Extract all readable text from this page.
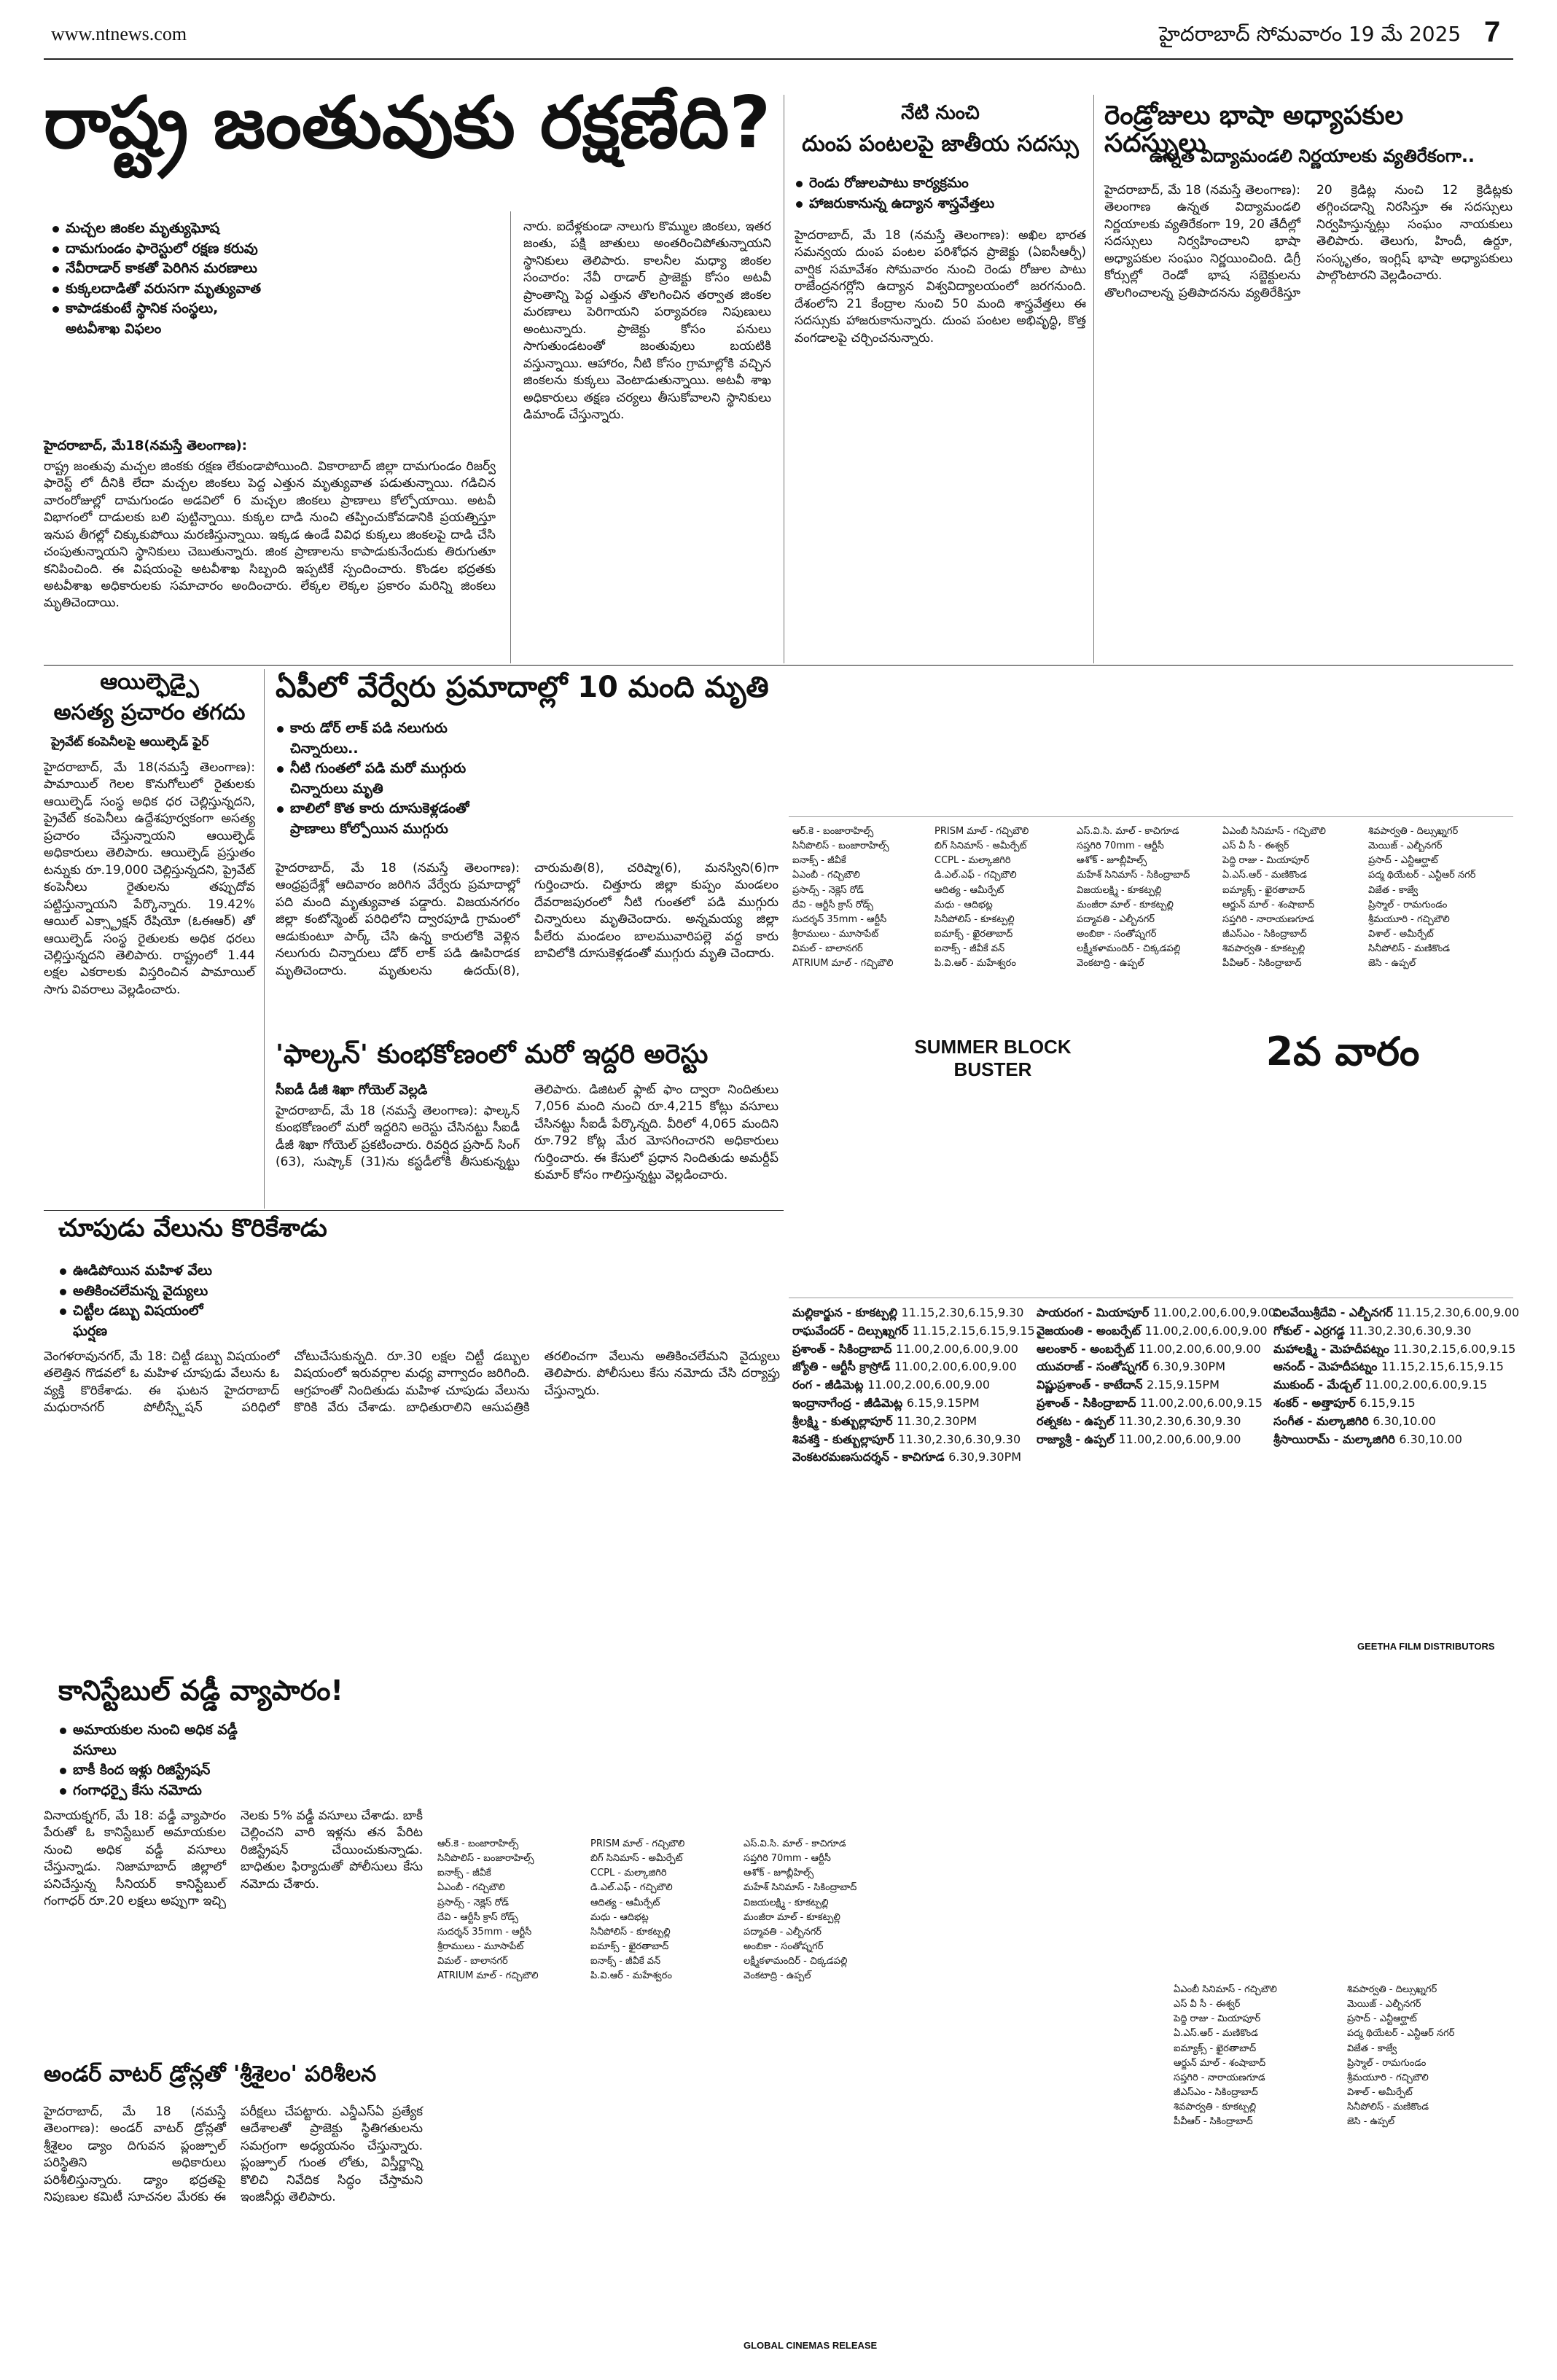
www.ntnews.com	హైదరాబాద్ సోమవారం 19 మే 2025 7
రాష్ట్ర జంతువుకు రక్షణేది?
మచ్చల జింకల మృత్యుఘోష
దామగుండం ఫారెస్టులో రక్షణ కరువు
నేవీరాడార్ కాకతో పెరిగిన మరణాలు
కుక్కలదాడితో వరుసగా మృత్యువాత
కాపాడకుంటే స్థానిక సంస్థలు, అటవీశాఖ విఫలం
హైదరాబాద్, మే18(నమస్తే తెలంగాణ):
రాష్ట్ర జంతువు మచ్చల జింకకు రక్షణ లేకుండాపోయింది. వికారాబాద్ జిల్లా దామగుండం రిజర్వ్ ఫారెస్ట్ లో దీనికి లేదా మచ్చల జింకలు పెద్ద ఎత్తున మృత్యువాత పడుతున్నాయి. గడిచిన వారంరోజుల్లో దామగుండం అడవిలో 6 మచ్చల జింకలు ప్రాణాలు కోల్పోయాయి. అటవీ విభాగంలో దాడులకు బలి పుట్టిన్నాయి. కుక్కల దాడి నుంచి తప్పించుకోవడానికి ప్రయత్నిస్తూ ఇనుప తీగల్లో చిక్కుకుపోయి మరణిస్తున్నాయి. ఇక్కడ ఉండే వివిధ కుక్కలు జింకలపై దాడి చేసి చంపుతున్నాయని స్థానికులు చెబుతున్నారు. జింక ప్రాణాలను కాపాడుకునేందుకు తిరుగుతూ కనిపించింది. ఈ విషయంపై అటవీశాఖ సిబ్బంది ఇప్పటికే స్పందించారు. కొండల భద్రతకు అటవీశాఖ అధికారులకు సమాచారం అందించారు. లేక్కల లెక్కల ప్రకారం మరిన్ని జింకలు మృతిచెందాయి.
నారు. ఐదేళ్లకుండా నాలుగు కొమ్ముల జింకలు, ఇతర జంతు, పక్షి జాతులు అంతరించిపోతున్నాయని స్థానికులు తెలిపారు. కాలనీల మధ్యా జింకల సంచారం: నేవీ రాడార్ ప్రాజెక్టు కోసం అటవీ ప్రాంతాన్ని పెద్ద ఎత్తున తొలగించిన తర్వాత జింకల మరణాలు పెరిగాయని పర్యావరణ నిపుణులు అంటున్నారు. ప్రాజెక్టు కోసం పనులు సాగుతుండటంతో జంతువులు బయటికి వస్తున్నాయి. ఆహారం, నీటి కోసం గ్రామాల్లోకి వచ్చిన జింకలను కుక్కలు వెంటాడుతున్నాయి. అటవీ శాఖ అధికారులు తక్షణ చర్యలు తీసుకోవాలని స్థానికులు డిమాండ్ చేస్తున్నారు.
నేటి నుంచి
దుంప పంటలపై జాతీయ సదస్సు
రెండు రోజులపాటు కార్యక్రమం
హాజరుకానున్న ఉద్యాన శాస్త్రవేత్తలు
హైదరాబాద్, మే 18 (నమస్తే తెలంగాణ): అఖిల భారత సమన్వయ దుంప పంటల పరిశోధన ప్రాజెక్టు (ఏఐసీఆర్పీ) వార్షిక సమావేశం సోమవారం నుంచి రెండు రోజుల పాటు రాజేంద్రనగర్లోని ఉద్యాన విశ్వవిద్యాలయంలో జరగనుంది. దేశంలోని 21 కేంద్రాల నుంచి 50 మంది శాస్త్రవేత్తలు ఈ సదస్సుకు హాజరుకానున్నారు. దుంప పంటల అభివృద్ధి, కొత్త వంగడాలపై చర్చించనున్నారు.
రెండ్రోజులు భాషా అధ్యాపకుల సదస్సులు
ఉన్నత విద్యామండలి నిర్ణయాలకు వ్యతిరేకంగా..
హైదరాబాద్, మే 18 (నమస్తే తెలంగాణ): తెలంగాణ ఉన్నత విద్యామండలి నిర్ణయాలకు వ్యతిరేకంగా 19, 20 తేదీల్లో సదస్సులు నిర్వహించాలని భాషా అధ్యాపకుల సంఘం నిర్ణయించింది. డిగ్రీ కోర్సుల్లో రెండో భాష సబ్జెక్టులను తొలగించాలన్న ప్రతిపాదనను వ్యతిరేకిస్తూ 20 క్రెడిట్ల నుంచి 12 క్రెడిట్లకు తగ్గించడాన్ని నిరసిస్తూ ఈ సదస్సులు నిర్వహిస్తున్నట్లు సంఘం నాయకులు తెలిపారు. తెలుగు, హిందీ, ఉర్దూ, సంస్కృతం, ఇంగ్లిష్ భాషా అధ్యాపకులు పాల్గొంటారని వెల్లడించారు.
ఆయిల్ఫెడ్పై
అసత్య ప్రచారం తగదు
ప్రైవేట్ కంపెనీలపై ఆయిల్ఫెడ్ ఫైర్
హైదరాబాద్, మే 18(నమస్తే తెలంగాణ): పామాయిల్ గెలల కొనుగోలులో రైతులకు ఆయిల్ఫెడ్ సంస్థ అధిక ధర చెల్లిస్తున్నదని, ప్రైవేట్ కంపెనీలు ఉద్దేశపూర్వకంగా అసత్య ప్రచారం చేస్తున్నాయని ఆయిల్ఫెడ్ అధికారులు తెలిపారు. ఆయిల్ఫెడ్ ప్రస్తుతం టన్నుకు రూ.19,000 చెల్లిస్తున్నదని, ప్రైవేట్ కంపెనీలు రైతులను తప్పుదోవ పట్టిస్తున్నాయని పేర్కొన్నారు. 19.42% ఆయిల్ ఎక్స్ట్రాక్షన్ రేషియో (ఓఈఆర్) తో ఆయిల్ఫెడ్ సంస్థ రైతులకు అధిక ధరలు చెల్లిస్తున్నదని తెలిపారు. రాష్ట్రంలో 1.44 లక్షల ఎకరాలకు విస్తరించిన పామాయిల్ సాగు వివరాలు వెల్లడించారు.
ఏపీలో వేర్వేరు ప్రమాదాల్లో 10 మంది మృతి
కారు డోర్ లాక్ పడి నలుగురు చిన్నారులు..
నీటి గుంతలో పడి మరో ముగ్గురు చిన్నారులు మృతి
బాలిలో కొత కారు దూసుకెళ్లడంతో ప్రాణాలు కోల్పోయిన ముగ్గురు
హైదరాబాద్, మే 18 (నమస్తే తెలంగాణ): ఆంధ్రప్రదేశ్లో ఆదివారం జరిగిన వేర్వేరు ప్రమాదాల్లో పది మంది మృత్యువాత పడ్డారు. విజయనగరం జిల్లా కంటోన్మెంట్ పరిధిలోని ద్వారపూడి గ్రామంలో ఆడుకుంటూ పార్క్ చేసి ఉన్న కారులోకి వెళ్లిన నలుగురు చిన్నారులు డోర్ లాక్ పడి ఊపిరాడక మృతిచెందారు. మృతులను ఉదయ్(8), చారుమతి(8), చరిష్మా(6), మనస్విని(6)గా గుర్తించారు. చిత్తూరు జిల్లా కుప్పం మండలం దేవరాజపురంలో నీటి గుంతలో పడి ముగ్గురు చిన్నారులు మృతిచెందారు. అన్నమయ్య జిల్లా పీలేరు మండలం బాలమువారిపల్లె వద్ద కారు బావిలోకి దూసుకెళ్లడంతో ముగ్గురు మృతి చెందారు.
'ఫాల్కన్' కుంభకోణంలో మరో ఇద్దరి అరెస్టు
సీఐడీ డీజీ శిఖా గోయెల్ వెల్లడి
హైదరాబాద్, మే 18 (నమస్తే తెలంగాణ): ఫాల్కన్ కుంభకోణంలో మరో ఇద్దరిని అరెస్టు చేసినట్టు సీఐడీ డీజీ శిఖా గోయెల్ ప్రకటించారు. రివర్షిద ప్రసాద్ సింగ్ (63), సుష్కాక్ (31)ను కస్టడీలోకి తీసుకున్నట్టు తెలిపారు. డిజిటల్ ఫ్లాట్ ఫాం ద్వారా నిందితులు 7,056 మంది నుంచి రూ.4,215 కోట్లు వసూలు చేసినట్టు సీఐడీ పేర్కొన్నది. వీరిలో 4,065 మందిని రూ.792 కోట్ల మేర మోసగించారని అధికారులు గుర్తించారు. ఈ కేసులో ప్రధాన నిందితుడు అమర్దీప్ కుమార్ కోసం గాలిస్తున్నట్టు వెల్లడించారు.
ఆర్.కె - బంజారాహిల్స్
సినీపొలిస్ - బంజారాహిల్స్
ఐనాక్స్ - జీవీకే
ఏఎంబీ - గచ్చిబౌలి
ప్రసాద్స్ - నెక్లెస్ రోడ్
దేవి - ఆర్టీసీ క్రాస్ రోడ్స్
సుదర్శన్ 35mm - ఆర్టీసీ
శ్రీరాములు - మూసాపేట్
విమల్ - బాలానగర్
ATRIUM మాల్ - గచ్చిబౌలి
PRISM మాల్ - గచ్చిబౌలి
బిగ్ సినిమాస్ - అమీర్పేట్
CCPL - మల్కాజిగిరి
డి.ఎల్.ఎఫ్ - గచ్చిబౌలి
ఆదిత్య - ఆమీర్పేట్
మధు - ఆదిభట్ల
సినీపోలిస్ - కూకట్పల్లి
ఐమాక్స్ - ఖైరతాబాద్
ఐనాక్స్ - జీవీకే వన్
పి.వి.ఆర్ - మహేశ్వరం
ఎస్.వి.సి. మాల్ - కాచిగూడ
సప్తగిరి 70mm - ఆర్టీసీ
ఆశోక్ - జూబ్లీహిల్స్
మహేశ్ సినిమాస్ - సికింద్రాబాద్
విజయలక్ష్మి - కూకట్పల్లి
మంజీరా మాల్ - కూకట్పల్లి
పద్మావతి - ఎల్బీనగర్
అంబికా - సంతోష్నగర్
లక్ష్మీకళామందిర్ - చిక్కడపల్లి
వెంకటాద్రి - ఉప్పల్
ఏఎంబీ సినిమాస్ - గచ్చిబౌలి
ఎస్ వీ సీ - ఈశ్వర్
పెద్ది రాజు - మియాపూర్
ఏ.ఎస్.ఆర్ - మణికొండ
ఐమ్యాక్స్ - ఖైరతాబాద్
ఆర్జున్ మాల్ - శంషాబాద్
సప్తగిరి - నారాయణగూడ
జీఎస్ఎం - సికింద్రాబాద్
శివపార్వతి - కూకట్పల్లి
పీవీఆర్ - సికింద్రాబాద్
శివపార్వతి - దిల్సుఖ్నగర్
మెయిజ్ - ఎల్బీనగర్
ప్రసాద్ - ఎన్టీఆర్ఘాట్
పద్మ థియేటర్ - ఎన్టీఆర్ నగర్
విజేత - కాజ్వే
ప్రిస్మాల్ - రామగుండం
శ్రీమయూరి - గచ్చిబౌలి
విశాల్ - అమీర్పేట్
సినీపోలిస్ - మణికొండ
జెసి - ఉప్పల్
SUMMER BLOCK
BUSTER	2వ వారం
చూపుడు వేలును కొరికేశాడు
ఊడిపోయిన మహిళ వేలు
అతికించలేమన్న వైద్యులు
చిట్టీల డబ్బు విషయంలో ఘర్షణ
వెంగళరావునగర్, మే 18: చిట్టీ డబ్బు విషయంలో తలెత్తిన గొడవలో ఓ మహిళ చూపుడు వేలును ఓ వ్యక్తి కొరికేశాడు. ఈ ఘటన హైదరాబాద్ మధురానగర్ పోలీస్స్టేషన్ పరిధిలో చోటుచేసుకున్నది. రూ.30 లక్షల చిట్టీ డబ్బుల విషయంలో ఇరువర్గాల మధ్య వాగ్వాదం జరిగింది. ఆగ్రహంతో నిందితుడు మహిళ చూపుడు వేలును కొరికి వేరు చేశాడు. బాధితురాలిని ఆసుపత్రికి తరలించగా వేలును అతికించలేమని వైద్యులు తెలిపారు. పోలీసులు కేసు నమోదు చేసి దర్యాప్తు చేస్తున్నారు.
కానిస్టేబుల్ వడ్డీ వ్యాపారం!
అమాయకుల నుంచి అధిక వడ్డీ వసూలు
బాకీ కింద ఇళ్లు రిజిస్ట్రేషన్
గంగాధర్పై కేసు నమోదు
వినాయక్నగర్, మే 18: వడ్డీ వ్యాపారం పేరుతో ఓ కానిస్టేబుల్ అమాయకుల నుంచి అధిక వడ్డీ వసూలు చేస్తున్నాడు. నిజామాబాద్ జిల్లాలో పనిచేస్తున్న సీనియర్ కానిస్టేబుల్ గంగాధర్ రూ.20 లక్షలు అప్పుగా ఇచ్చి నెలకు 5% వడ్డీ వసూలు చేశాడు. బాకీ చెల్లించని వారి ఇళ్లను తన పేరిట రిజిస్ట్రేషన్ చేయించుకున్నాడు. బాధితుల ఫిర్యాదుతో పోలీసులు కేసు నమోదు చేశారు.
అండర్ వాటర్ డ్రోన్లతో 'శ్రీశైలం' పరిశీలన
హైదరాబాద్, మే 18 (నమస్తే తెలంగాణ): అండర్ వాటర్ డ్రోన్లతో శ్రీశైలం డ్యాం దిగువన ప్లంజ్పూల్ పరిస్థితిని అధికారులు పరిశీలిస్తున్నారు. డ్యాం భద్రతపై నిపుణుల కమిటీ సూచనల మేరకు ఈ పరీక్షలు చేపట్టారు. ఎన్డీఎస్ఏ ప్రత్యేక ఆదేశాలతో ప్రాజెక్టు స్థితిగతులను సమగ్రంగా అధ్యయనం చేస్తున్నారు. ప్లంజ్పూల్ గుంత లోతు, విస్తీర్ణాన్ని కొలిచి నివేదిక సిద్ధం చేస్తామని ఇంజినీర్లు తెలిపారు.
మల్లికార్జున - కూకట్పల్లి 11.15,2.30,6.15,9.30
రాఘవేందర్ - దిల్సుఖ్నగర్ 11.15,2.15,6.15,9.15
ప్రశాంత్ - సికింద్రాబాద్ 11.00,2.00,6.00,9.00
జ్యోతి - ఆర్టీసీ క్రాస్రోడ్ 11.00,2.00,6.00,9.00
రంగ - జీడిమెట్ల 11.00,2.00,6.00,9.00
ఇంద్రానాగేంద్ర - జీడిమెట్ల 6.15,9.15PM
శ్రీలక్ష్మి - కుత్బుల్లాపూర్ 11.30,2.30PM
శివశక్తి - కుత్బుల్లాపూర్ 11.30,2.30,6.30,9.30
వెంకటరమణసుదర్శన్ - కాచిగూడ 6.30,9.30PM
పాయరంగ - మియాపూర్ 11.00,2.00,6.00,9.00
వైజయంతి - అంబర్పేట్ 11.00,2.00,6.00,9.00
ఆలంకార్ - అంబర్పేట్ 11.00,2.00,6.00,9.00
యువరాజ్ - సంతోష్నగర్ 6.30,9.30PM
విష్ణుప్రశాంత్ - కాటేదాన్ 2.15,9.15PM
ప్రశాంత్ - సికింద్రాబాద్ 11.00,2.00,6.00,9.15
రత్నకట - ఉప్పల్ 11.30,2.30,6.30,9.30
రాజ్యాశ్రీ - ఉప్పల్ 11.00,2.00,6.00,9.00
విలవేయిశ్రీదేవి - ఎల్బీనగర్ 11.15,2.30,6.00,9.00
గోకుల్ - ఎర్రగడ్డ 11.30,2.30,6.30,9.30
మహాలక్ష్మి - మెహదీపట్నం 11.30,2.15,6.00,9.15
ఆనంద్ - మెహదీపట్నం 11.15,2.15,6.15,9.15
ముకుంద్ - మేడ్చల్ 11.00,2.00,6.00,9.15
శంకర్ - అత్తాపూర్ 6.15,9.15
సంగీత - మల్కాజిగిరి 6.30,10.00
శ్రీసాయిరామ్ - మల్కాజిగిరి 6.30,10.00
GEETHA FILM DISTRIBUTORS
ఆర్.కె - బంజారాహిల్స్
సినీపొలిస్ - బంజారాహిల్స్
ఐనాక్స్ - జీవీకే
ఏఎంబీ - గచ్చిబౌలి
ప్రసాద్స్ - నెక్లెస్ రోడ్
దేవి - ఆర్టీసీ క్రాస్ రోడ్స్
సుదర్శన్ 35mm - ఆర్టీసీ
శ్రీరాములు - మూసాపేట్
విమల్ - బాలానగర్
ATRIUM మాల్ - గచ్చిబౌలి
PRISM మాల్ - గచ్చిబౌలి
బిగ్ సినిమాస్ - అమీర్పేట్
CCPL - మల్కాజిగిరి
డి.ఎల్.ఎఫ్ - గచ్చిబౌలి
ఆదిత్య - ఆమీర్పేట్
మధు - ఆదిభట్ల
సినీపోలిస్ - కూకట్పల్లి
ఐమాక్స్ - ఖైరతాబాద్
ఐనాక్స్ - జీవీకే వన్
పి.వి.ఆర్ - మహేశ్వరం
ఎస్.వి.సి. మాల్ - కాచిగూడ
సప్తగిరి 70mm - ఆర్టీసీ
ఆశోక్ - జూబ్లీహిల్స్
మహేశ్ సినిమాస్ - సికింద్రాబాద్
విజయలక్ష్మి - కూకట్పల్లి
మంజీరా మాల్ - కూకట్పల్లి
పద్మావతి - ఎల్బీనగర్
అంబికా - సంతోష్నగర్
లక్ష్మీకళామందిర్ - చిక్కడపల్లి
వెంకటాద్రి - ఉప్పల్
GLOBAL CINEMAS RELEASE
ఏఎంబీ సినిమాస్ - గచ్చిబౌలి
ఎస్ వీ సీ - ఈశ్వర్
పెద్ది రాజు - మియాపూర్
ఏ.ఎస్.ఆర్ - మణికొండ
ఐమ్యాక్స్ - ఖైరతాబాద్
ఆర్జున్ మాల్ - శంషాబాద్
సప్తగిరి - నారాయణగూడ
జీఎస్ఎం - సికింద్రాబాద్
శివపార్వతి - కూకట్పల్లి
పీవీఆర్ - సికింద్రాబాద్
శివపార్వతి - దిల్సుఖ్నగర్
మెయిజ్ - ఎల్బీనగర్
ప్రసాద్ - ఎన్టీఆర్ఘాట్
పద్మ థియేటర్ - ఎన్టీఆర్ నగర్
విజేత - కాజ్వే
ప్రిస్మాల్ - రామగుండం
శ్రీమయూరి - గచ్చిబౌలి
విశాల్ - అమీర్పేట్
సినీపోలిస్ - మణికొండ
జెసి - ఉప్పల్
